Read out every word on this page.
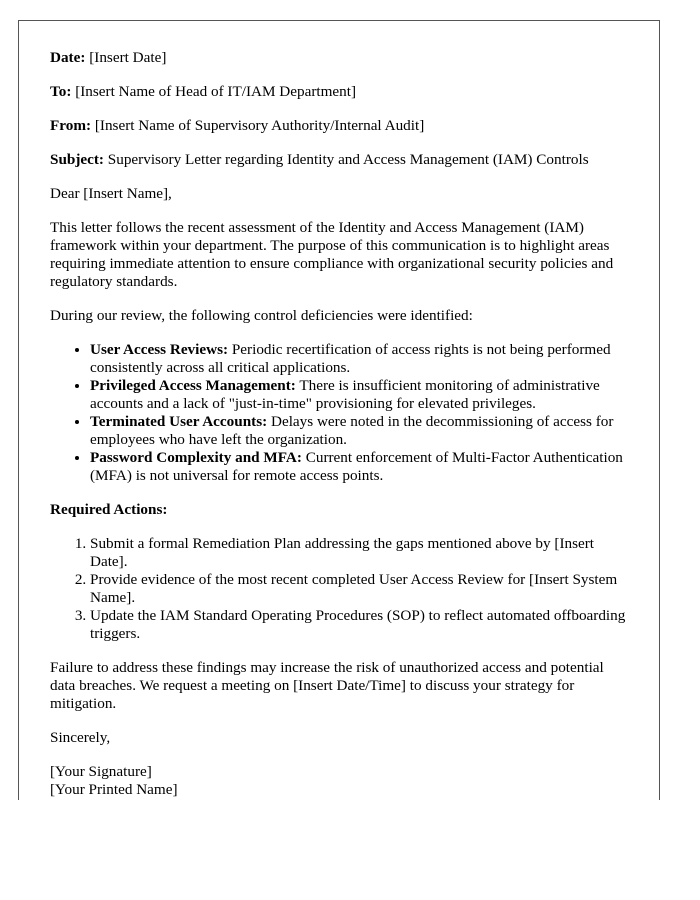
Date: [Insert Date]

To: [Insert Name of Head of IT/IAM Department]

From: [Insert Name of Supervisory Authority/Internal Audit]

Subject: Supervisory Letter regarding Identity and Access Management (IAM) Controls

Dear [Insert Name],

This letter follows the recent assessment of the Identity and Access Management (IAM) framework within your department. The purpose of this communication is to highlight areas requiring immediate attention to ensure compliance with organizational security policies and regulatory standards.

During our review, the following control deficiencies were identified:

• User Access Reviews: Periodic recertification of access rights is not being performed consistently across all critical applications.
• Privileged Access Management: There is insufficient monitoring of administrative accounts and a lack of "just-in-time" provisioning for elevated privileges.
• Terminated User Accounts: Delays were noted in the decommissioning of access for employees who have left the organization.
• Password Complexity and MFA: Current enforcement of Multi-Factor Authentication (MFA) is not universal for remote access points.

Required Actions:

1. Submit a formal Remediation Plan addressing the gaps mentioned above by [Insert Date].
2. Provide evidence of the most recent completed User Access Review for [Insert System Name].
3. Update the IAM Standard Operating Procedures (SOP) to reflect automated offboarding triggers.

Failure to address these findings may increase the risk of unauthorized access and potential data breaches. We request a meeting on [Insert Date/Time] to discuss your strategy for mitigation.

Sincerely,

[Your Signature]
[Your Printed Name]
